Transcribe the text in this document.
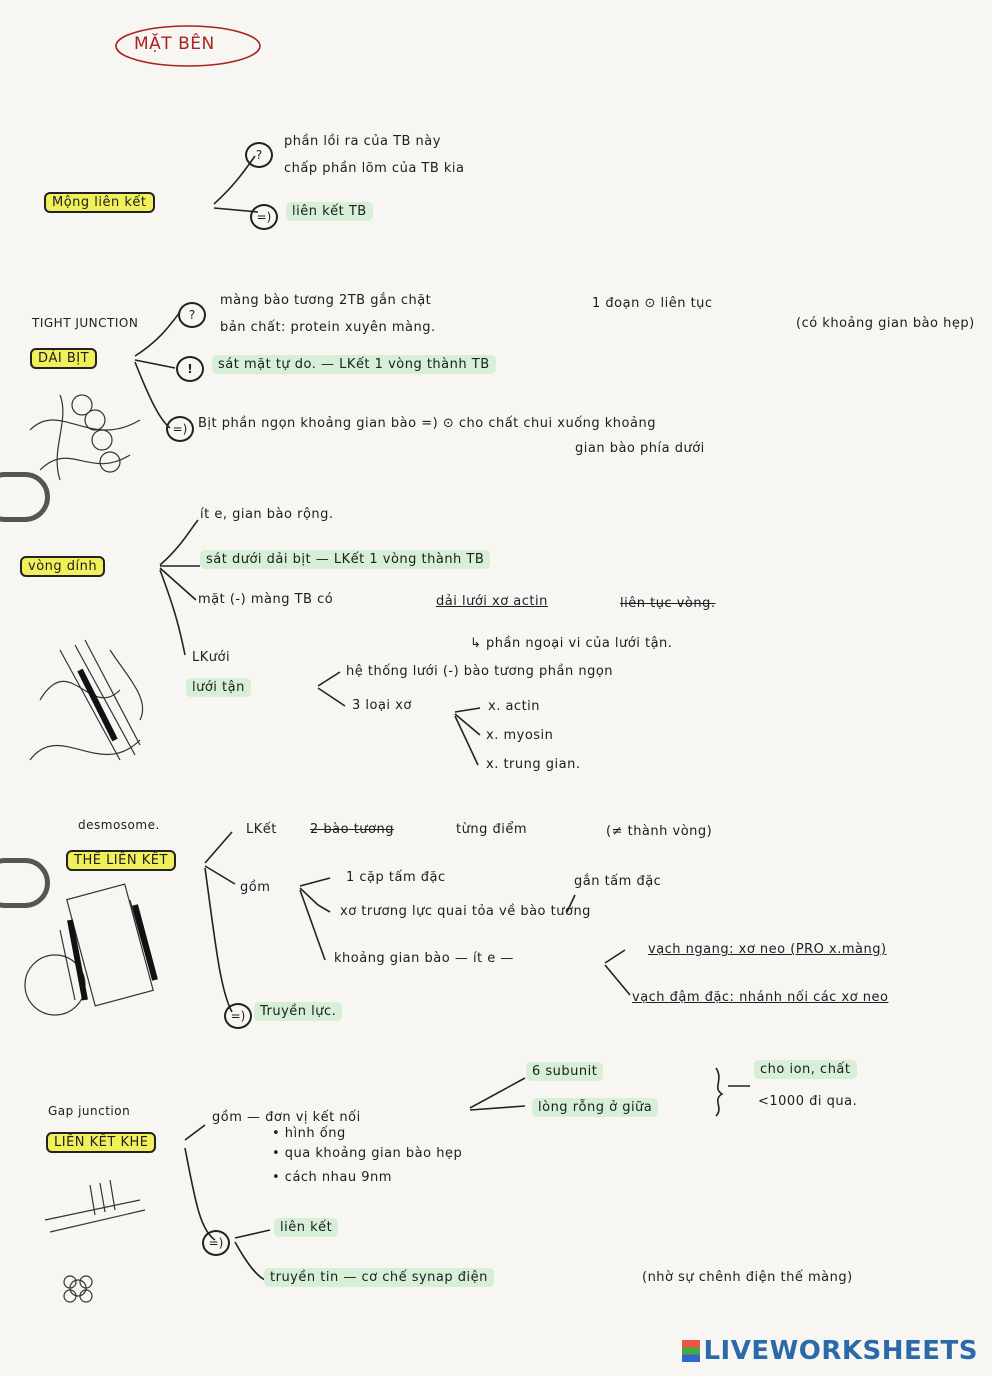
MẶT BÊN
?
phần lồi ra của TB này
chấp phần lõm của TB kia
Mộng liên kết
=)	liên kết TB
TIGHT JUNCTION
?
màng bào tương 2TB gắn chặt
bản chất: protein xuyên màng.
1 đoạn ⊙ liên tục
(có khoảng gian bào hẹp)
DẢI BỊT
!	sát mặt tự do. — LKết 1 vòng thành TB
=) Bịt phần ngọn khoảng gian bào =) ⊙ cho chất chui xuống khoảng
gian bào phía dưới
ít e, gian bào rộng.
vòng dính	sát dưới dải bịt — LKết 1 vòng thành TB
mặt (-) màng TB có	dải lưới xơ actin	liên tục vòng.
↳ phần ngoại vi của lưới tận.
LKưới
lưới tận
hệ thống lưới (-) bào tương phần ngọn
3 loại xơ	x. actin
x. myosin
x. trung gian.
desmosome.	LKết	2 bào tương	từng điểm	(≠ thành vòng)
THỂ LIÊN KẾT
gồm
1 cặp tấm đặc	gắn tấm đặc
xơ trương lực quai tỏa về bào tương
khoảng gian bào — ít e —
vạch ngang: xơ neo (PRO x.màng)
vạch đậm đặc: nhánh nối các xơ neo
=)	Truyền lực.
6 subunit
lòng rỗng ở giữa
cho ion, chất
<1000 đi qua.
Gap junction	gồm — đơn vị kết nối
LIÊN KẾT KHE
• hình ống
• qua khoảng gian bào hẹp
• cách nhau 9nm
=)
liên kết
truyền tin — cơ chế synap điện	(nhờ sự chênh điện thế màng)
LIVEWORKSHEETS
